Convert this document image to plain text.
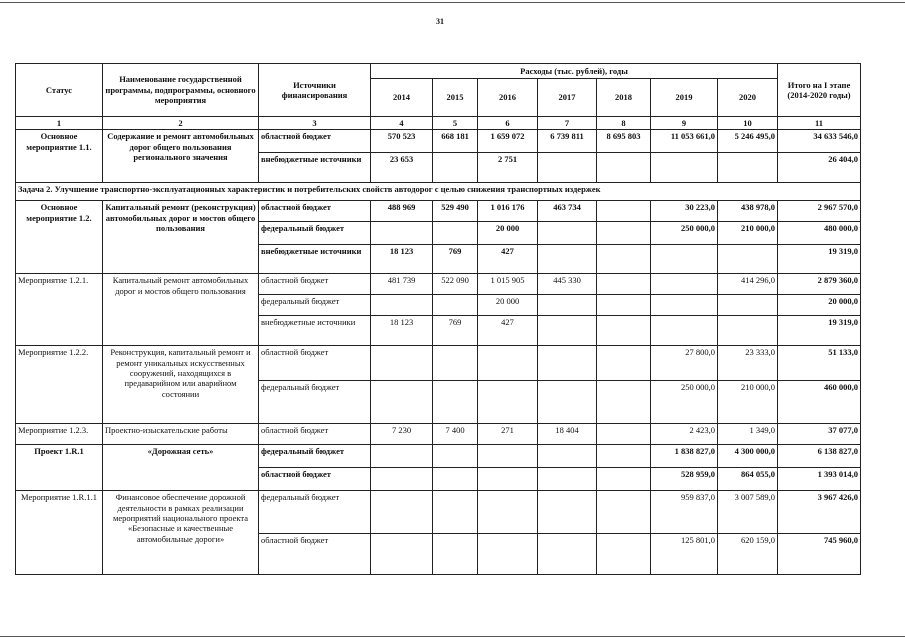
31
Статус	Наименование государственной программы, подпрограммы, основного мероприятия	Источники финансирования	Расходы (тыс. рублей), годы							Итого на I этапе (2014-2020 годы)
			2014	2015	2016	2017	2018	2019	2020	
1	2	3	4	5	6	7	8	9	10	11
Основное мероприятие 1.1.	Содержание и ремонт автомобильных дорог общего пользования регионального значения	областной бюджет	570 523	668 181	1 659 072	6 739 811	8 695 803	11 053 661,0	5 246 495,0	34 633 546,0
		внебюджетные источники	23 653		2 751					26 404,0
Задача 2. Улучшение транспортно-эксплуатационных характеристик и потребительских свойств автодорог с целью снижения транспортных издержек										
Основное мероприятие 1.2.	Капитальный ремонт (реконструкция) автомобильных дорог и мостов общего пользования	областной бюджет	488 969	529 490	1 016 176	463 734		30 223,0	438 978,0	2 967 570,0
		федеральный бюджет			20 000			250 000,0	210 000,0	480 000,0
		внебюджетные источники	18 123	769	427					19 319,0
Мероприятие 1.2.1.	Капитальный ремонт автомобильных дорог и мостов общего пользования	областной бюджет	481 739	522 090	1 015 905	445 330			414 296,0	2 879 360,0
		федеральный бюджет			20 000					20 000,0
		внебюджетные источники	18 123	769	427					19 319,0
Мероприятие 1.2.2.	Реконструкция, капитальный ремонт и ремонт уникальных искусственных сооружений, находящихся в предаварийном или аварийном состоянии	областной бюджет						27 800,0	23 333,0	51 133,0
		федеральный бюджет						250 000,0	210 000,0	460 000,0
Мероприятие 1.2.3.	Проектно-изыскательские работы	областной бюджет	7 230	7 400	271	18 404		2 423,0	1 349,0	37 077,0
Проект 1.R.1	«Дорожная сеть»	федеральный бюджет						1 838 827,0	4 300 000,0	6 138 827,0
		областной бюджет						528 959,0	864 055,0	1 393 014,0
Мероприятие 1.R.1.1	Финансовое обеспечение дорожной деятельности в рамках реализации мероприятий национального проекта «Безопасные и качественные автомобильные дороги»	федеральный бюджет						959 837,0	3 007 589,0	3 967 426,0
		областной бюджет						125 801,0	620 159,0	745 960,0
